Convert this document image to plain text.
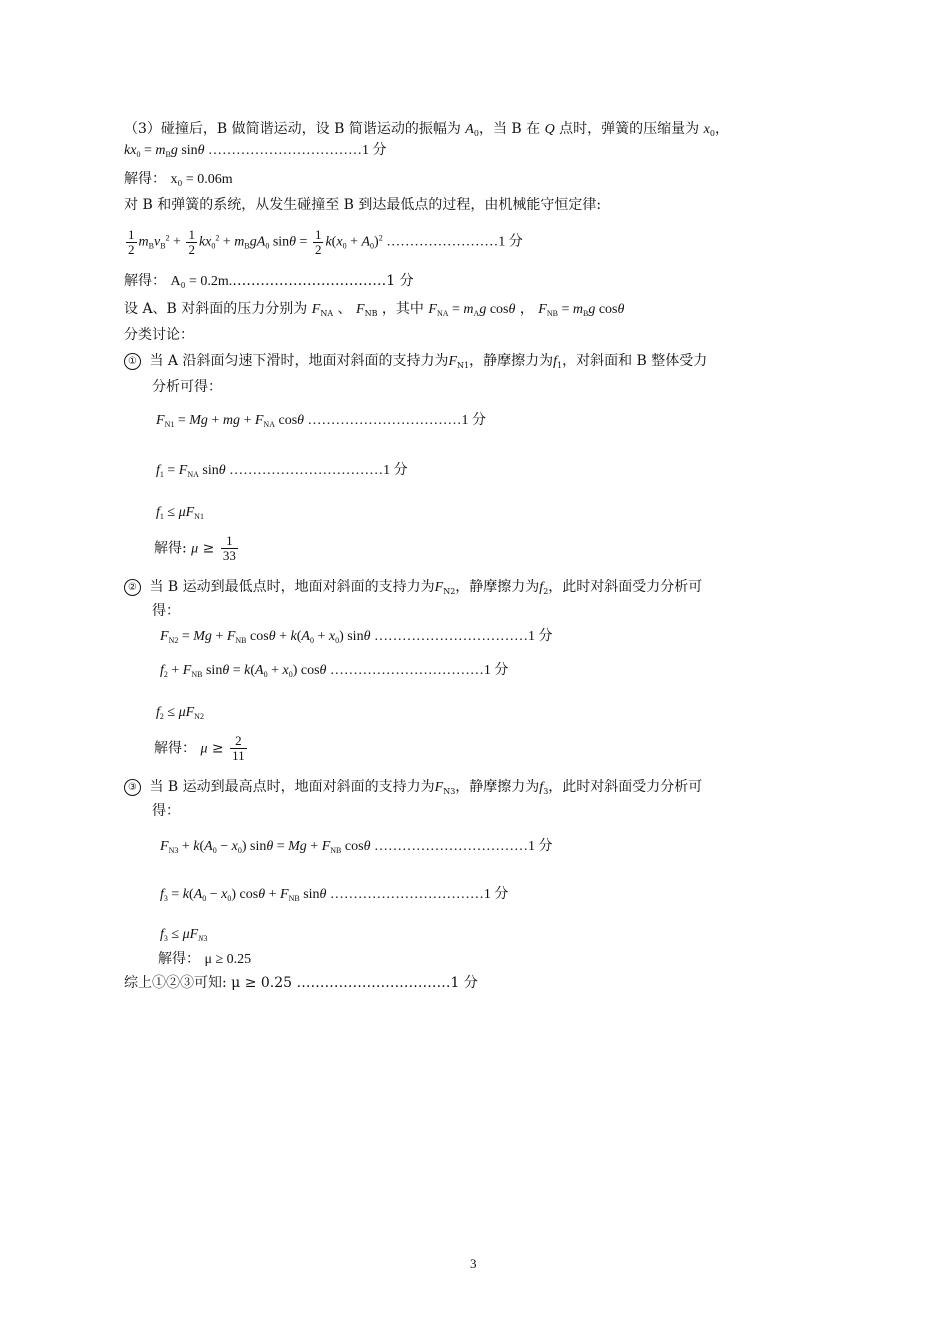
（3）碰撞后，B 做简谐运动，设 B 简谐运动的振幅为 $A_0$，当 B 在 Q 点时，弹簧的压缩量为 $x_0$，
$kx_0 = m_Bg$ sinθ ……………………………1 分
解得： x₀ = 0.06m
对 B 和弹簧的系统，从发生碰撞至 B 到达最低点的过程，由机械能守恒定律:
$\frac{1}{2} m_Bv_B^2 + \frac{1}{2} kx_0^2 + m_BgA_0$ $\sin\theta = \frac{1}{2} k(x_0 + A_0)^2$ ……………………1 分
解得： A₀ = 0.2m.……………………………1 分
设 A、B 对斜面的压力分别为 $F_{NA}$ 、 $F_{NB}$ ，其中 $F_{NA} = m_Ag$ cosθ ， $F_{NB} = m_Bg$ cosθ
分类讨论：
① 当 A 沿斜面匀速下滑时，地面对斜面的支持力为$F_{N1}$，静摩擦力为$f_1$，对斜面和 B 整体受力
分析可得：
$F_{N1} = Mg$ + mg + $F_{NA}$ cosθ ……………………………1 分
$f_1 = F_{NA}$ sinθ ……………………………1 分
$f_1 \le \mu F_{N1}$
解得: $\mu \ge \frac{1}{33}$
② 当 B 运动到最低点时，地面对斜面的支持力为$F_{N2}$，静摩擦力为$f_2$，此时对斜面受力分析可
得：
$F_{N2} = Mg + F_{NB}$ $\cos\theta + k(A_0 + x_0)$ sinθ ……………………………1 分
$f_2 + F_{NB}$ $\sin\theta = k(A_0 + x_0)$ cosθ ……………………………1 分
$f_2 \le \mu F_{N2}$
解得： $\mu \ge \frac{2}{11}$
③ 当 B 运动到最高点时，地面对斜面的支持力为$F_{N3}$，静摩擦力为$f_3$，此时对斜面受力分析可
得：
$F_{N3} + k(A_0 - x_0) \sin\theta = Mg + F_{NB}$ cosθ ……………………………1 分
$f_3 = k(A_0 - x_0) \cos\theta + F_{NB}$ sinθ ……………………………1 分
$f_3 \le \mu F_{N3}$
解得： μ ≥ 0.25
综上①②③可知: μ ≥ 0.25 ……………………………1 分
3
